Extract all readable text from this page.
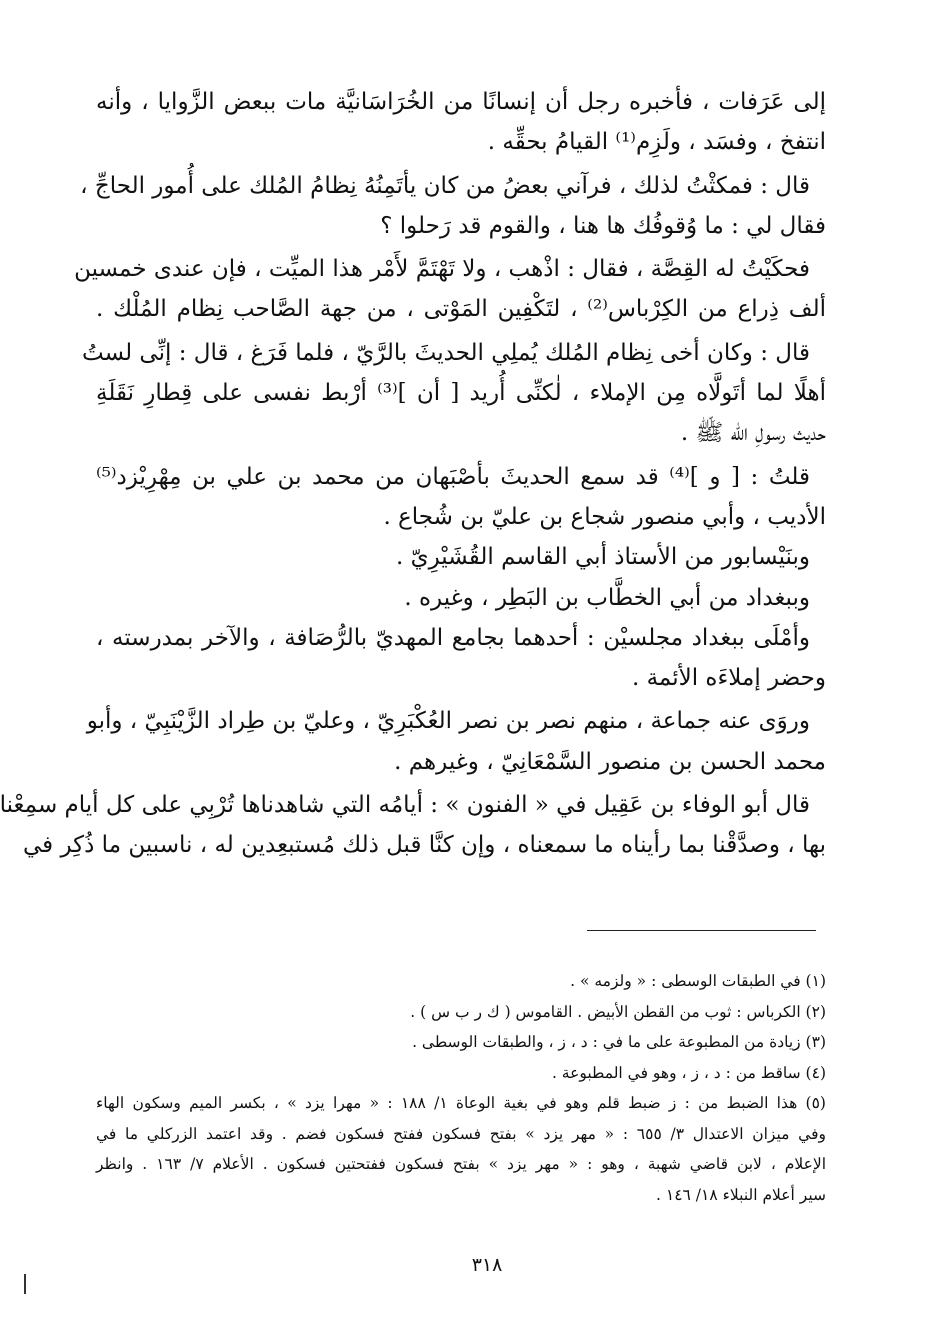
إلى عَرَفات ، فأخبره رجل أن إنسانًا من الخُرَاسَانيَّة مات ببعض الزَّوايا ، وأنه
انتفخ ، وفسَد ، ولَزِم⁽¹⁾ القيامُ بحقِّه .
قال : فمكثْتُ لذلك ، فرآني بعضُ من كان يأتَمِنُهُ نِظامُ المُلك على أُمور الحاجِّ ،
فقال لي : ما وُقوفُك ها هنا ، والقوم قد رَحلوا ؟
فحكَيْتُ له القِصَّة ، فقال : اذْهب ، ولا تَهْتَمَّ لأَمْر هذا الميِّت ، فإن عندى خمسين
ألف ذِراع من الكِرْباس⁽²⁾ ، لتَكْفِين المَوْتى ، من جهة الصَّاحب نِظام المُلْك .
قال : وكان أخى نِظام المُلك يُملِي الحديثَ بالرَّيّ ، فلما فَرَغ ، قال : إنِّى لستُ
أهلًا لما أتَولَّاه مِن الإملاء ، لٰكنِّى أُريد [ أن ]⁽³⁾ أرْبط نفسى على قِطارِ نَقَلَةِ
حديث رسولِ الله ﷺ .
قلتُ : [ و ]⁽⁴⁾ قد سمع الحديثَ بأصْبَهان من محمد بن علي بن مِهْرِيْزد⁽⁵⁾
الأديب ، وأبي منصور شجاع بن عليّ بن شُجاع .
وبنَيْسابور من الأستاذ أبي القاسم القُشَيْرِيّ .
وببغداد من أبي الخطَّاب بن البَطِر ، وغيره .
وأمْلَى ببغداد مجلسيْن : أحدهما بجامع المهديّ بالرُّصَافة ، والآخر بمدرسته ،
وحضر إملاءَه الأئمة .
وروَى عنه جماعة ، منهم نصر بن نصر العُكْبَرِيّ ، وعليّ بن طِراد الزَّيْنَبِيّ ، وأبو
محمد الحسن بن منصور السَّمْعَانِيّ ، وغيرهم .
قال أبو الوفاء بن عَقِيل في « الفنون » : أيامُه التي شاهدناها تُرْبِي على كل أيام سمِعْنا
بها ، وصدَّقْنا بما رأيناه ما سمعناه ، وإن كنَّا قبل ذلك مُستبعِدين له ، ناسبين ما ذُكِر في
(١) في الطبقات الوسطى : « ولزمه » .
(٢) الكرباس : ثوب من القطن الأبيض . القاموس ( ك ر ب س ) .
(٣) زيادة من المطبوعة على ما في : د ، ز ، والطبقات الوسطى .
(٤) ساقط من : د ، ز ، وهو في المطبوعة .
(٥) هذا الضبط من : ز ضبط قلم وهو في بغية الوعاة ١/ ١٨٨ : « مهرا يزد » ، بكسر الميم وسكون الهاء
وفي ميزان الاعتدال ٣/ ٦٥٥ : « مهر يزد » بفتح فسكون ففتح فسكون فضم . وقد اعتمد الزركلي ما في
الإعلام ، لابن قاضي شهبة ، وهو : « مهر يزد » بفتح فسكون ففتحتين فسكون . الأعلام ٧/ ١٦٣ . وانظر
سير أعلام النبلاء ١٨/ ١٤٦ .
٣١٨
